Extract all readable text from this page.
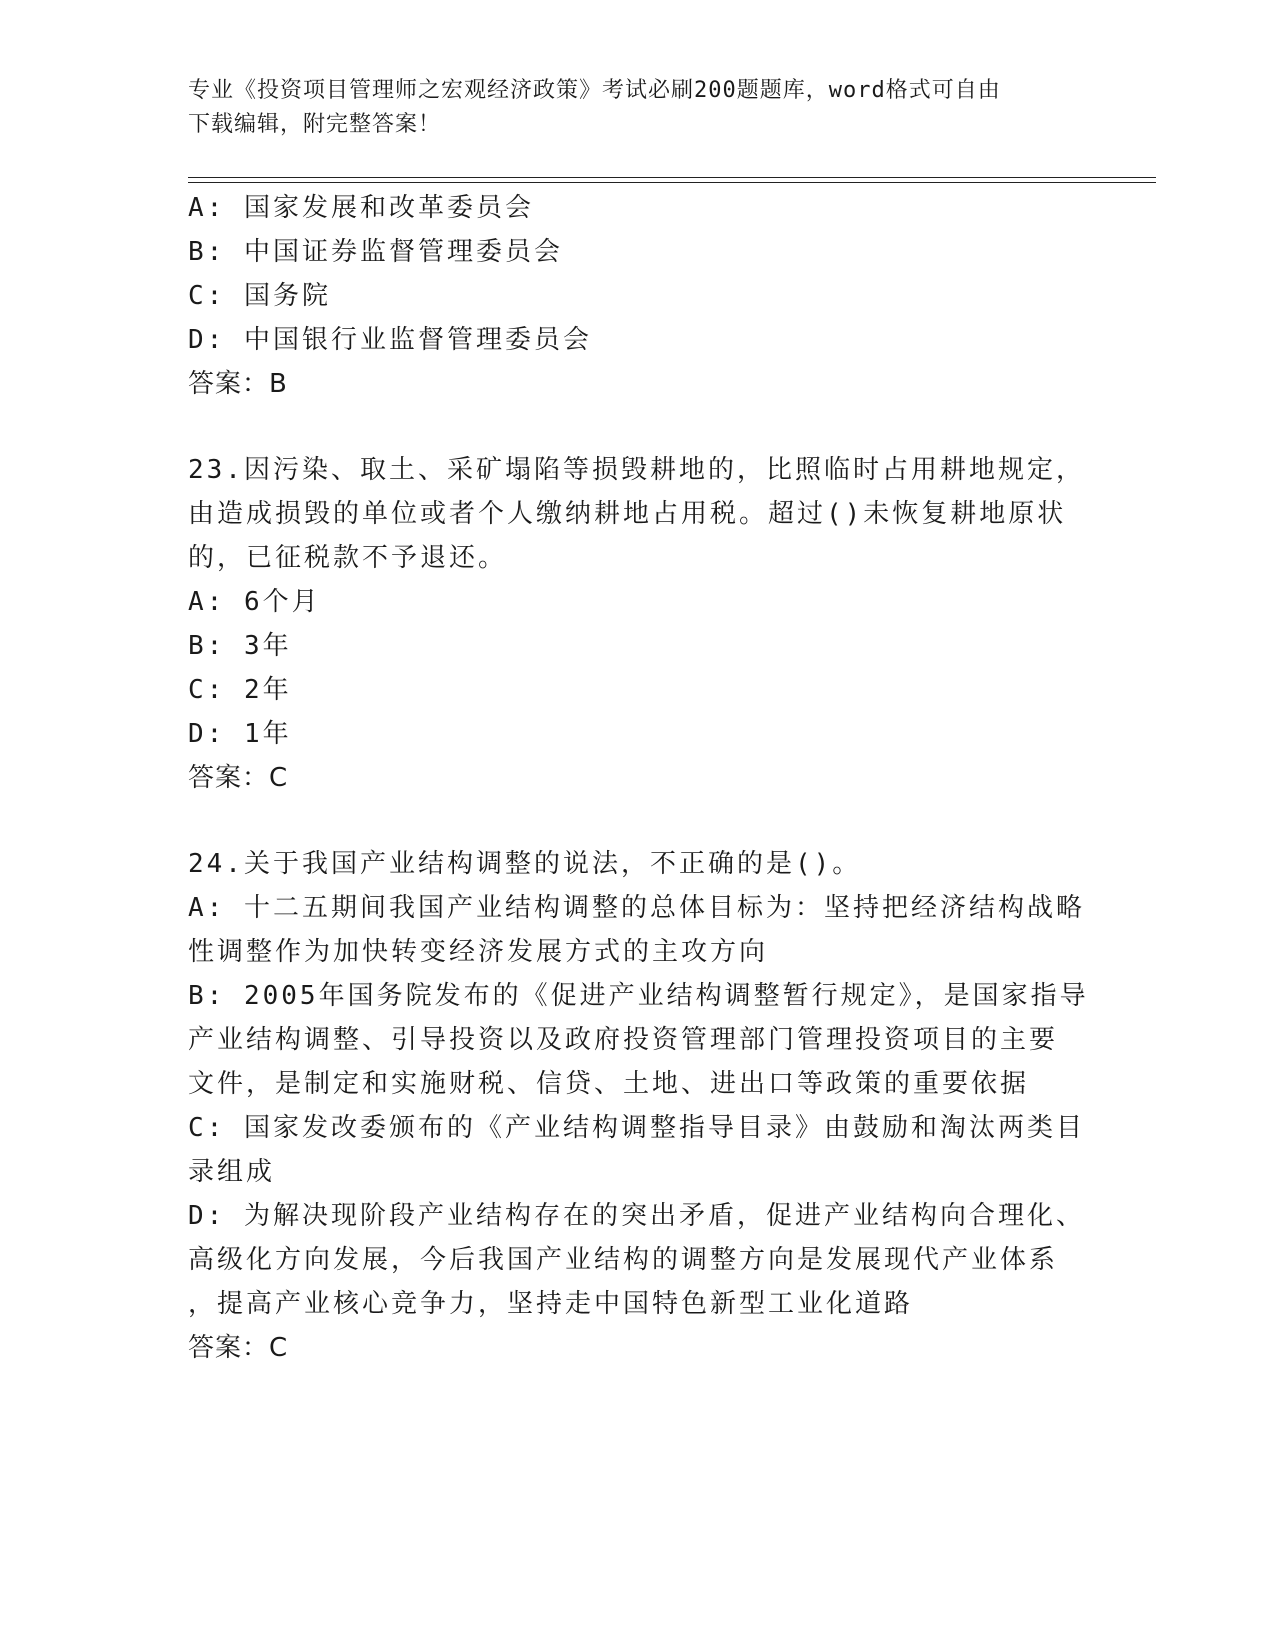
专业《投资项目管理师之宏观经济政策》考试必刷200题题库，word格式可自由
下载编辑，附完整答案！
A: 国家发展和改革委员会
B: 中国证券监督管理委员会
C: 国务院
D: 中国银行业监督管理委员会
答案：B
23.因污染、取土、采矿塌陷等损毁耕地的，比照临时占用耕地规定，
由造成损毁的单位或者个人缴纳耕地占用税。超过()未恢复耕地原状
的，已征税款不予退还。
A: 6个月
B: 3年
C: 2年
D: 1年
答案：C
24.关于我国产业结构调整的说法，不正确的是()。
A: 十二五期间我国产业结构调整的总体目标为：坚持把经济结构战略
性调整作为加快转变经济发展方式的主攻方向
B: 2005年国务院发布的《促进产业结构调整暂行规定》，是国家指导
产业结构调整、引导投资以及政府投资管理部门管理投资项目的主要
文件，是制定和实施财税、信贷、土地、进出口等政策的重要依据
C: 国家发改委颁布的《产业结构调整指导目录》由鼓励和淘汰两类目
录组成
D: 为解决现阶段产业结构存在的突出矛盾，促进产业结构向合理化、
高级化方向发展，今后我国产业结构的调整方向是发展现代产业体系
，提高产业核心竞争力，坚持走中国特色新型工业化道路
答案：C
